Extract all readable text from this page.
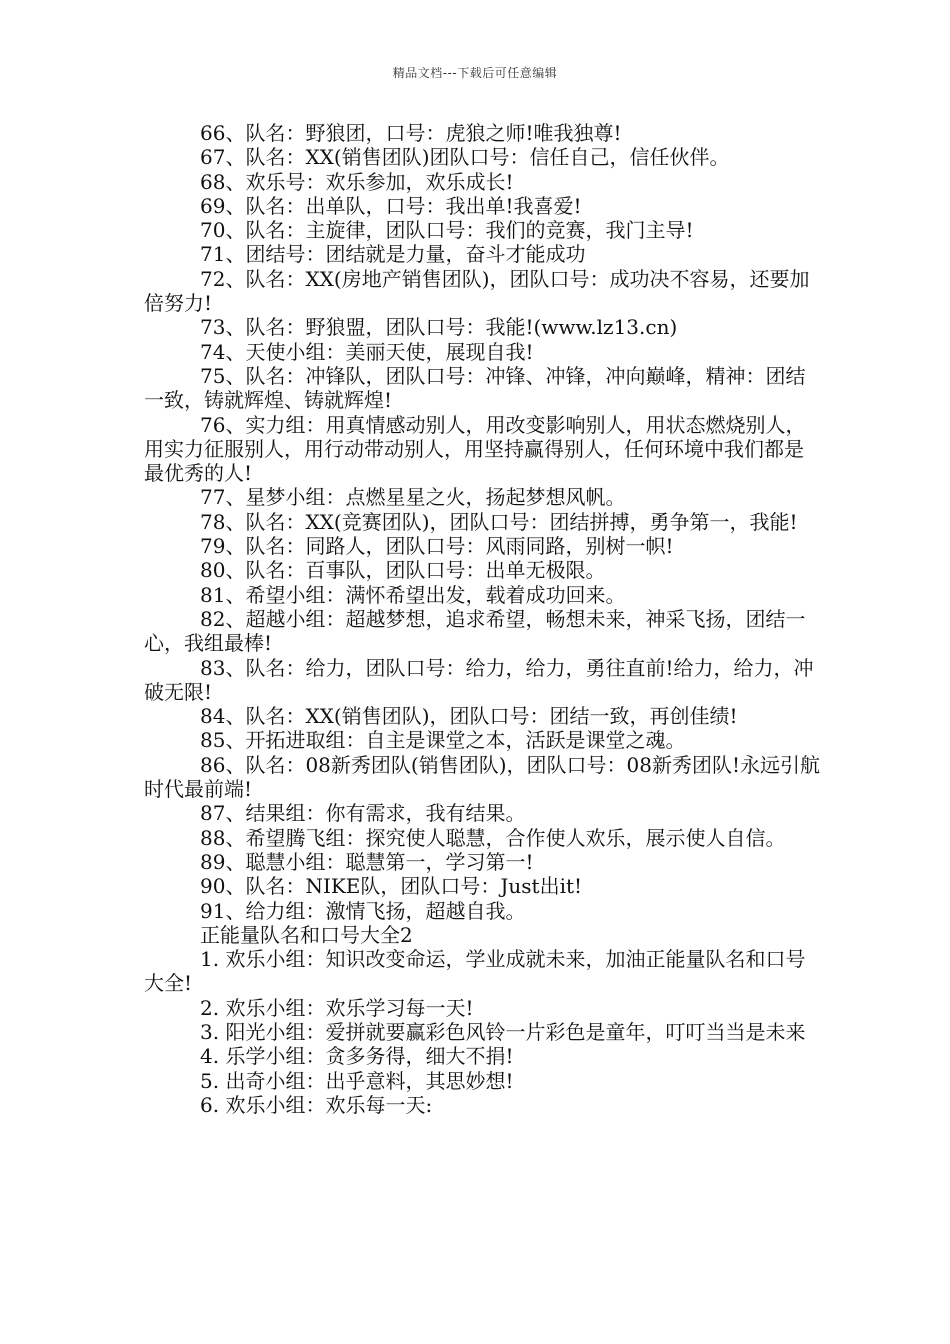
精品文档---下载后可任意编辑

66、队名：野狼团，口号：虎狼之师!唯我独尊!

67、队名：XX(销售团队)团队口号：信任自己，信任伙伴。

68、欢乐号：欢乐参加，欢乐成长!

69、队名：出单队，口号：我出单!我喜爱!

70、队名：主旋律，团队口号：我们的竞赛，我门主导!

71、团结号：团结就是力量，奋斗才能成功

72、队名：XX(房地产销售团队)，团队口号：成功决不容易，还要加倍努力!

73、队名：野狼盟，团队口号：我能!(www.lz13.cn)

74、天使小组：美丽天使，展现自我!

75、队名：冲锋队，团队口号：冲锋、冲锋，冲向巅峰，精神：团结一致，铸就辉煌、铸就辉煌!

76、实力组：用真情感动别人，用改变影响别人，用状态燃烧别人，用实力征服别人，用行动带动别人，用坚持赢得别人，任何环境中我们都是最优秀的人!

77、星梦小组：点燃星星之火，扬起梦想风帆。

78、队名：XX(竞赛团队)，团队口号：团结拼搏，勇争第一，我能!

79、队名：同路人，团队口号：风雨同路，别树一帜!

80、队名：百事队，团队口号：出单无极限。

81、希望小组：满怀希望出发，载着成功回来。

82、超越小组：超越梦想，追求希望，畅想未来，神采飞扬，团结一心，我组最棒!

83、队名：给力，团队口号：给力，给力，勇往直前!给力，给力，冲破无限!

84、队名：XX(销售团队)，团队口号：团结一致，再创佳绩!

85、开拓进取组：自主是课堂之本，活跃是课堂之魂。

86、队名：08新秀团队(销售团队)，团队口号：08新秀团队!永远引航时代最前端!

87、结果组：你有需求，我有结果。

88、希望腾飞组：探究使人聪慧，合作使人欢乐，展示使人自信。

89、聪慧小组：聪慧第一，学习第一!

90、队名：NIKE队，团队口号：Just出it!

91、给力组：激情飞扬，超越自我。

正能量队名和口号大全2

1. 欢乐小组：知识改变命运，学业成就未来，加油正能量队名和口号大全!

2. 欢乐小组：欢乐学习每一天!

3. 阳光小组：爱拼就要赢彩色风铃一片彩色是童年，叮叮当当是未来

4. 乐学小组：贪多务得，细大不捐!

5. 出奇小组：出乎意料，其思妙想!

6. 欢乐小组：欢乐每一天:
